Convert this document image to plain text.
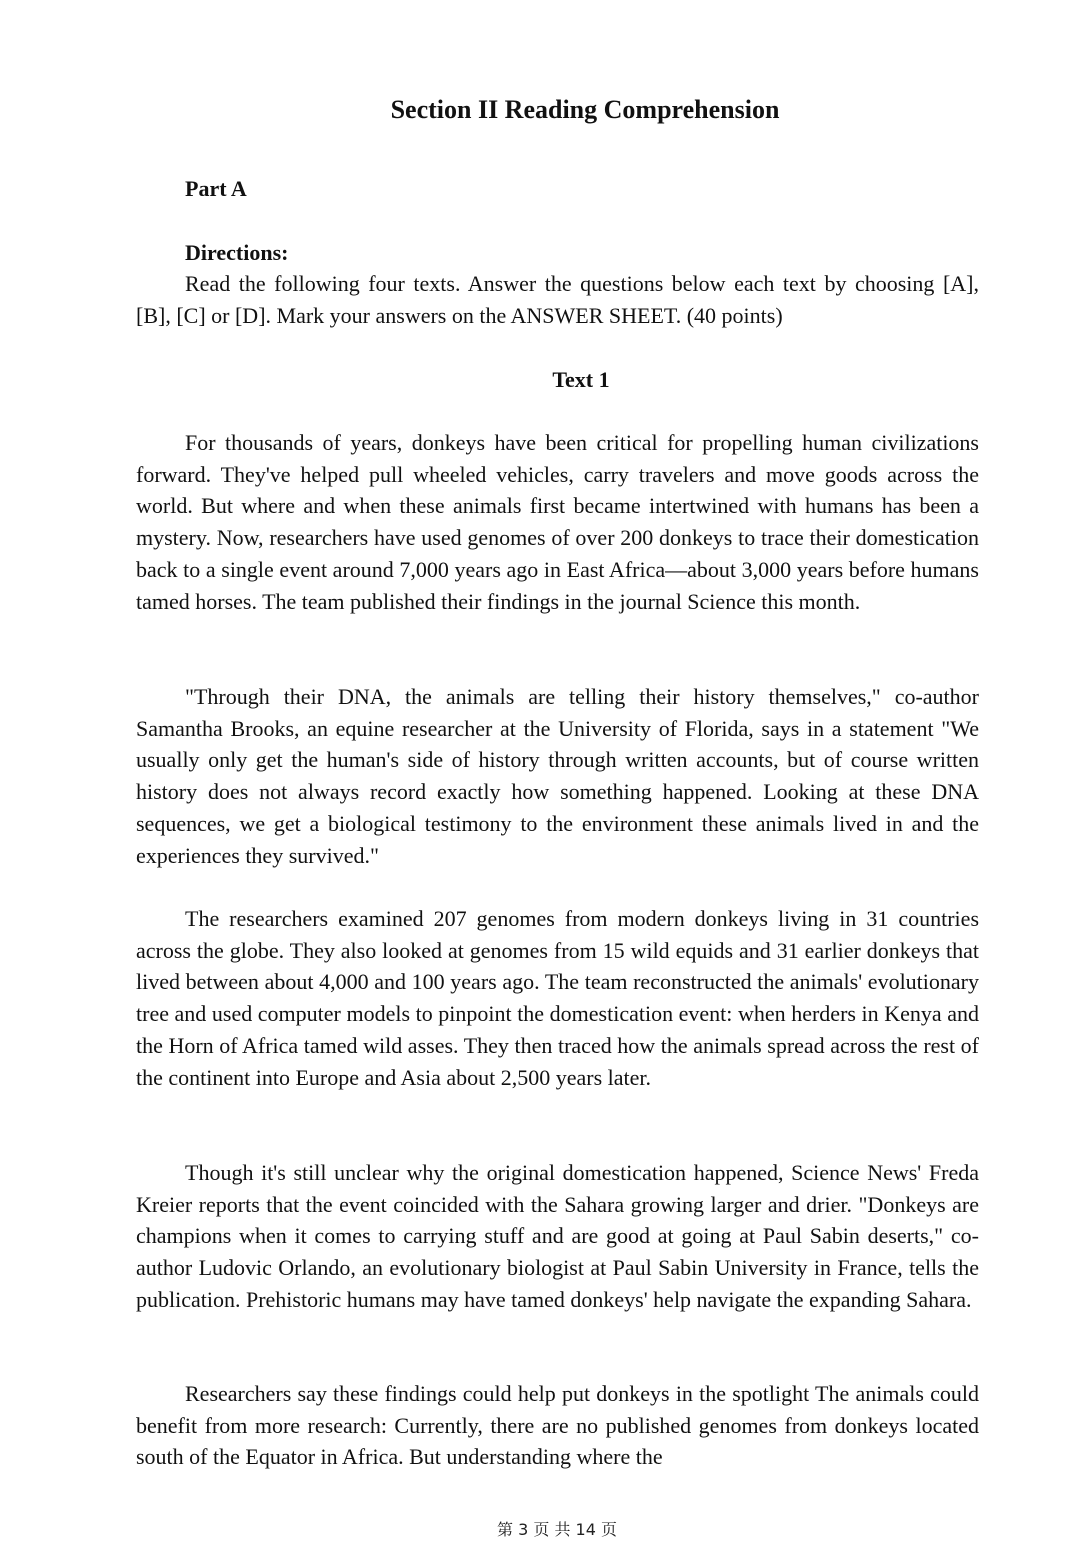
Section II Reading Comprehension
Part A
Directions:

Read the following four texts. Answer the questions below each text by choosing [A], [B], [C] or [D]. Mark your answers on the ANSWER SHEET. (40 points)

Text 1

For thousands of years, donkeys have been critical for propelling human civilizations forward. They've helped pull wheeled vehicles, carry travelers and move goods across the world. But where and when these animals first became intertwined with humans has been a mystery. Now, researchers have used genomes of over 200 donkeys to trace their domestication back to a single event around 7,000 years ago in East Africa—about 3,000 years before humans tamed horses. The team published their findings in the journal Science this month.

"Through their DNA, the animals are telling their history themselves," co-author Samantha Brooks, an equine researcher at the University of Florida, says in a statement "We usually only get the human's side of history through written accounts, but of course written history does not always record exactly how something happened. Looking at these DNA sequences, we get a biological testimony to the environment these animals lived in and the experiences they survived."

The researchers examined 207 genomes from modern donkeys living in 31 countries across the globe. They also looked at genomes from 15 wild equids and 31 earlier donkeys that lived between about 4,000 and 100 years ago. The team reconstructed the animals' evolutionary tree and used computer models to pinpoint the domestication event: when herders in Kenya and the Horn of Africa tamed wild asses. They then traced how the animals spread across the rest of the continent into Europe and Asia about 2,500 years later.

Though it's still unclear why the original domestication happened, Science News' Freda Kreier reports that the event coincided with the Sahara growing larger and drier. "Donkeys are champions when it comes to carrying stuff and are good at going at Paul Sabin deserts," co-author Ludovic Orlando, an evolutionary biologist at Paul Sabin University in France, tells the publication. Prehistoric humans may have tamed donkeys' help navigate the expanding Sahara.

Researchers say these findings could help put donkeys in the spotlight The animals could benefit from more research: Currently, there are no published genomes from donkeys located south of the Equator in Africa. But understanding where the

第 3 页 共 14 页
